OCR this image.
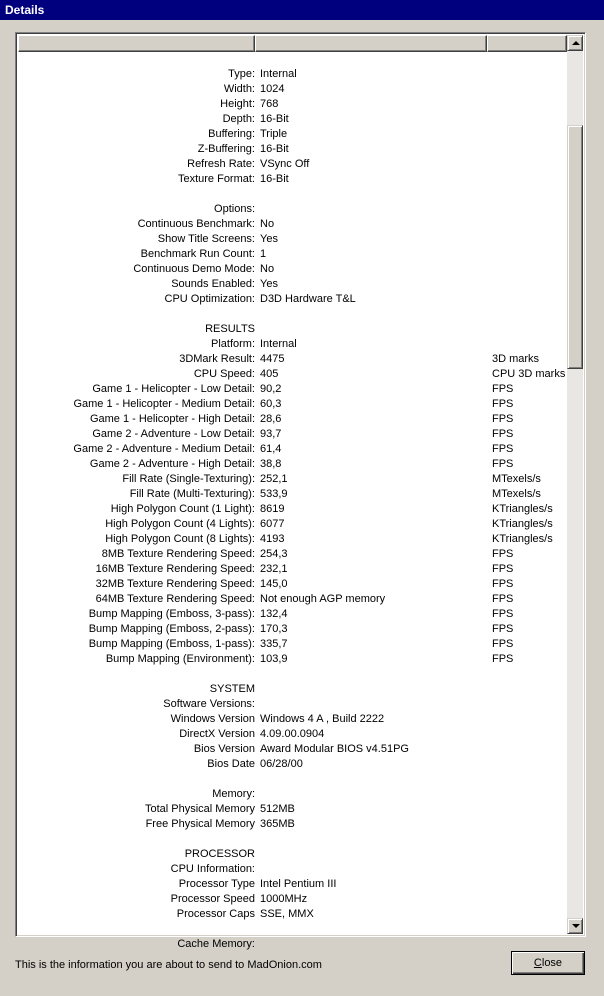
Details
Type: Internal
Width: 1024
Height: 768
Depth: 16-Bit
Buffering: Triple
Z-Buffering: 16-Bit
Refresh Rate: VSync Off
Texture Format: 16-Bit
Options:
Continuous Benchmark: No
Show Title Screens: Yes
Benchmark Run Count: 1
Continuous Demo Mode: No
Sounds Enabled: Yes
CPU Optimization: D3D Hardware T&L
RESULTS
Platform: Internal
3DMark Result: 4475	3D marks
CPU Speed: 405	CPU 3D marks
Game 1 - Helicopter - Low Detail: 90,2	FPS
Game 1 - Helicopter - Medium Detail: 60,3	FPS
Game 1 - Helicopter - High Detail: 28,6	FPS
Game 2 - Adventure - Low Detail: 93,7	FPS
Game 2 - Adventure - Medium Detail: 61,4	FPS
Game 2 - Adventure - High Detail: 38,8	FPS
Fill Rate (Single-Texturing): 252,1	MTexels/s
Fill Rate (Multi-Texturing): 533,9	MTexels/s
High Polygon Count (1 Light): 8619	KTriangles/s
High Polygon Count (4 Lights): 6077	KTriangles/s
High Polygon Count (8 Lights): 4193	KTriangles/s
8MB Texture Rendering Speed: 254,3	FPS
16MB Texture Rendering Speed: 232,1	FPS
32MB Texture Rendering Speed: 145,0	FPS
64MB Texture Rendering Speed: Not enough AGP memory	FPS
Bump Mapping (Emboss, 3-pass): 132,4	FPS
Bump Mapping (Emboss, 2-pass): 170,3	FPS
Bump Mapping (Emboss, 1-pass): 335,7	FPS
Bump Mapping (Environment): 103,9	FPS
SYSTEM
Software Versions:
Windows Version Windows 4 A , Build 2222
DirectX Version 4.09.00.0904
Bios Version Award Modular BIOS v4.51PG
Bios Date 06/28/00
Memory:
Total Physical Memory 512MB
Free Physical Memory 365MB
PROCESSOR
CPU Information:
Processor Type Intel Pentium III
Processor Speed 1000MHz
Processor Caps SSE, MMX
Cache Memory:
This is the information you are about to send to MadOnion.com	Close
